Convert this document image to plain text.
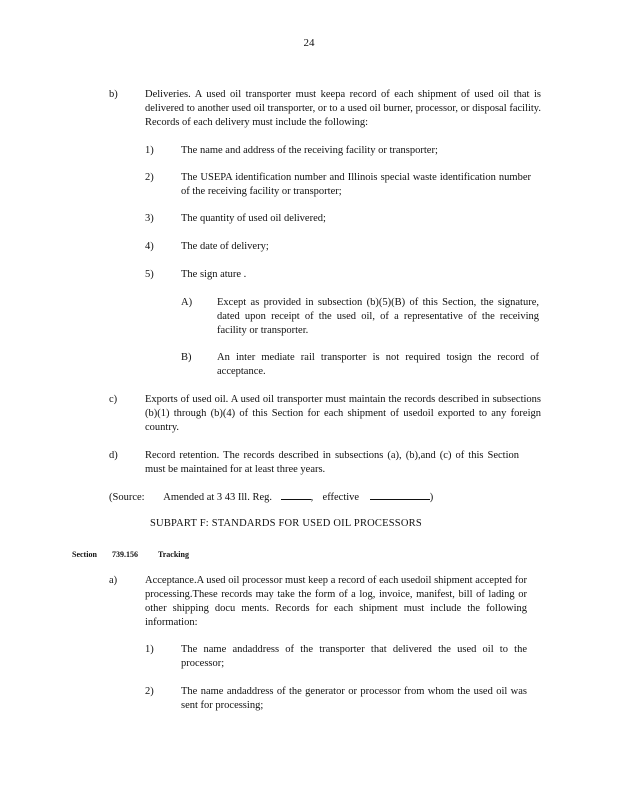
24
b)	Deliveries. A used oil transporter must keepa record of each shipment of used oil that is delivered to another used oil transporter, or to a used oil burner, processor, or disposal facility. Records of each delivery must include the following:
1)	The name and address of the receiving facility or transporter;
2)	The USEPA identification number and Illinois special waste identification number of the receiving facility or transporter;
3)	The quantity of used oil delivered;
4)	The date of delivery;
5)	The sign ature .
A)	Except as provided in subsection (b)(5)(B) of this Section, the signature, dated upon receipt of the used oil, of a representative of the receiving facility or transporter.
B)	An inter mediate rail transporter is not required tosign the record of acceptance.
c)	Exports of used oil. A used oil transporter must maintain the records described in subsections (b)(1) through (b)(4) of this Section for each shipment of usedoil exported to any foreign country.
d)	Record retention. The records described in subsections (a), (b),and (c) of this Section must be maintained for at least three years.
(Source: Amended at 3 43 Ill. Reg.	, effective	)
SUBPART F: STANDARDS FOR USED OIL PROCESSORS
Section 739.156	Tracking
a)	Acceptance.A used oil processor must keep a record of each usedoil shipment accepted for processing.These records may take the form of a log, invoice, manifest, bill of lading or other shipping docu ments. Records for each shipment must include the following information:
1)	The name andaddress of the transporter that delivered the used oil to the processor;
2)	The name andaddress of the generator or processor from whom the used oil was sent for processing;
